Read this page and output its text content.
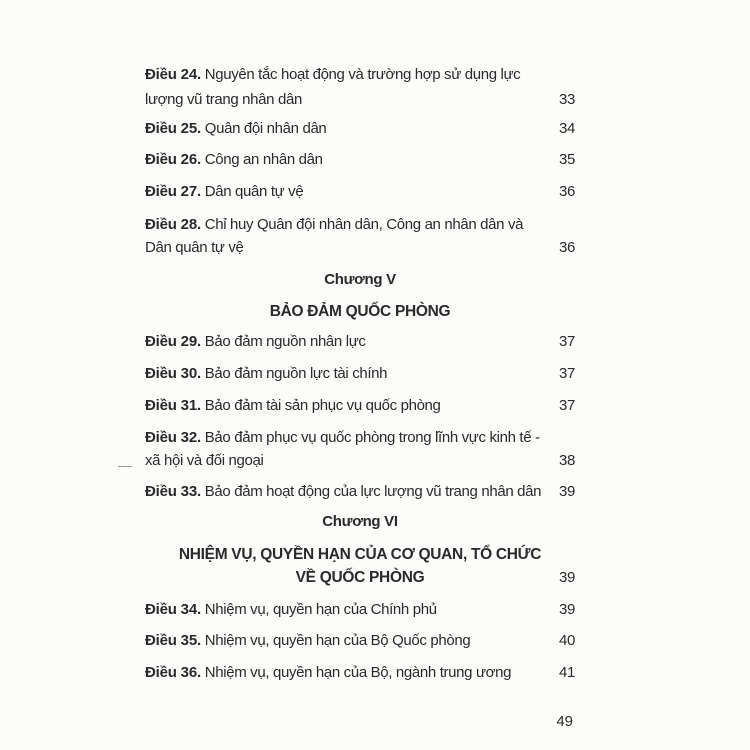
Điều 24. Nguyên tắc hoạt động và trường hợp sử dụng lực
lượng vũ trang nhân dân	33
Điều 25. Quân đội nhân dân	34
Điều 26. Công an nhân dân	35
Điều 27. Dân quân tự vệ	36
Điều 28. Chỉ huy Quân đội nhân dân, Công an nhân dân và
Dân quân tự vệ	36
Chương V
BẢO ĐẢM QUỐC PHÒNG
Điều 29. Bảo đảm nguồn nhân lực	37
Điều 30. Bảo đảm nguồn lực tài chính	37
Điều 31. Bảo đảm tài sản phục vụ quốc phòng	37
Điều 32. Bảo đảm phục vụ quốc phòng trong lĩnh vực kinh tế -
xã hội và đối ngoại	38
Điều 33. Bảo đảm hoạt động của lực lượng vũ trang nhân dân 39
Chương VI
NHIỆM VỤ, QUYỀN HẠN CỦA CƠ QUAN, TỔ CHỨC
VỀ QUỐC PHÒNG	39
Điều 34. Nhiệm vụ, quyền hạn của Chính phủ	39
Điều 35. Nhiệm vụ, quyền hạn của Bộ Quốc phòng	40
Điều 36. Nhiệm vụ, quyền hạn của Bộ, ngành trung ương	41
49
